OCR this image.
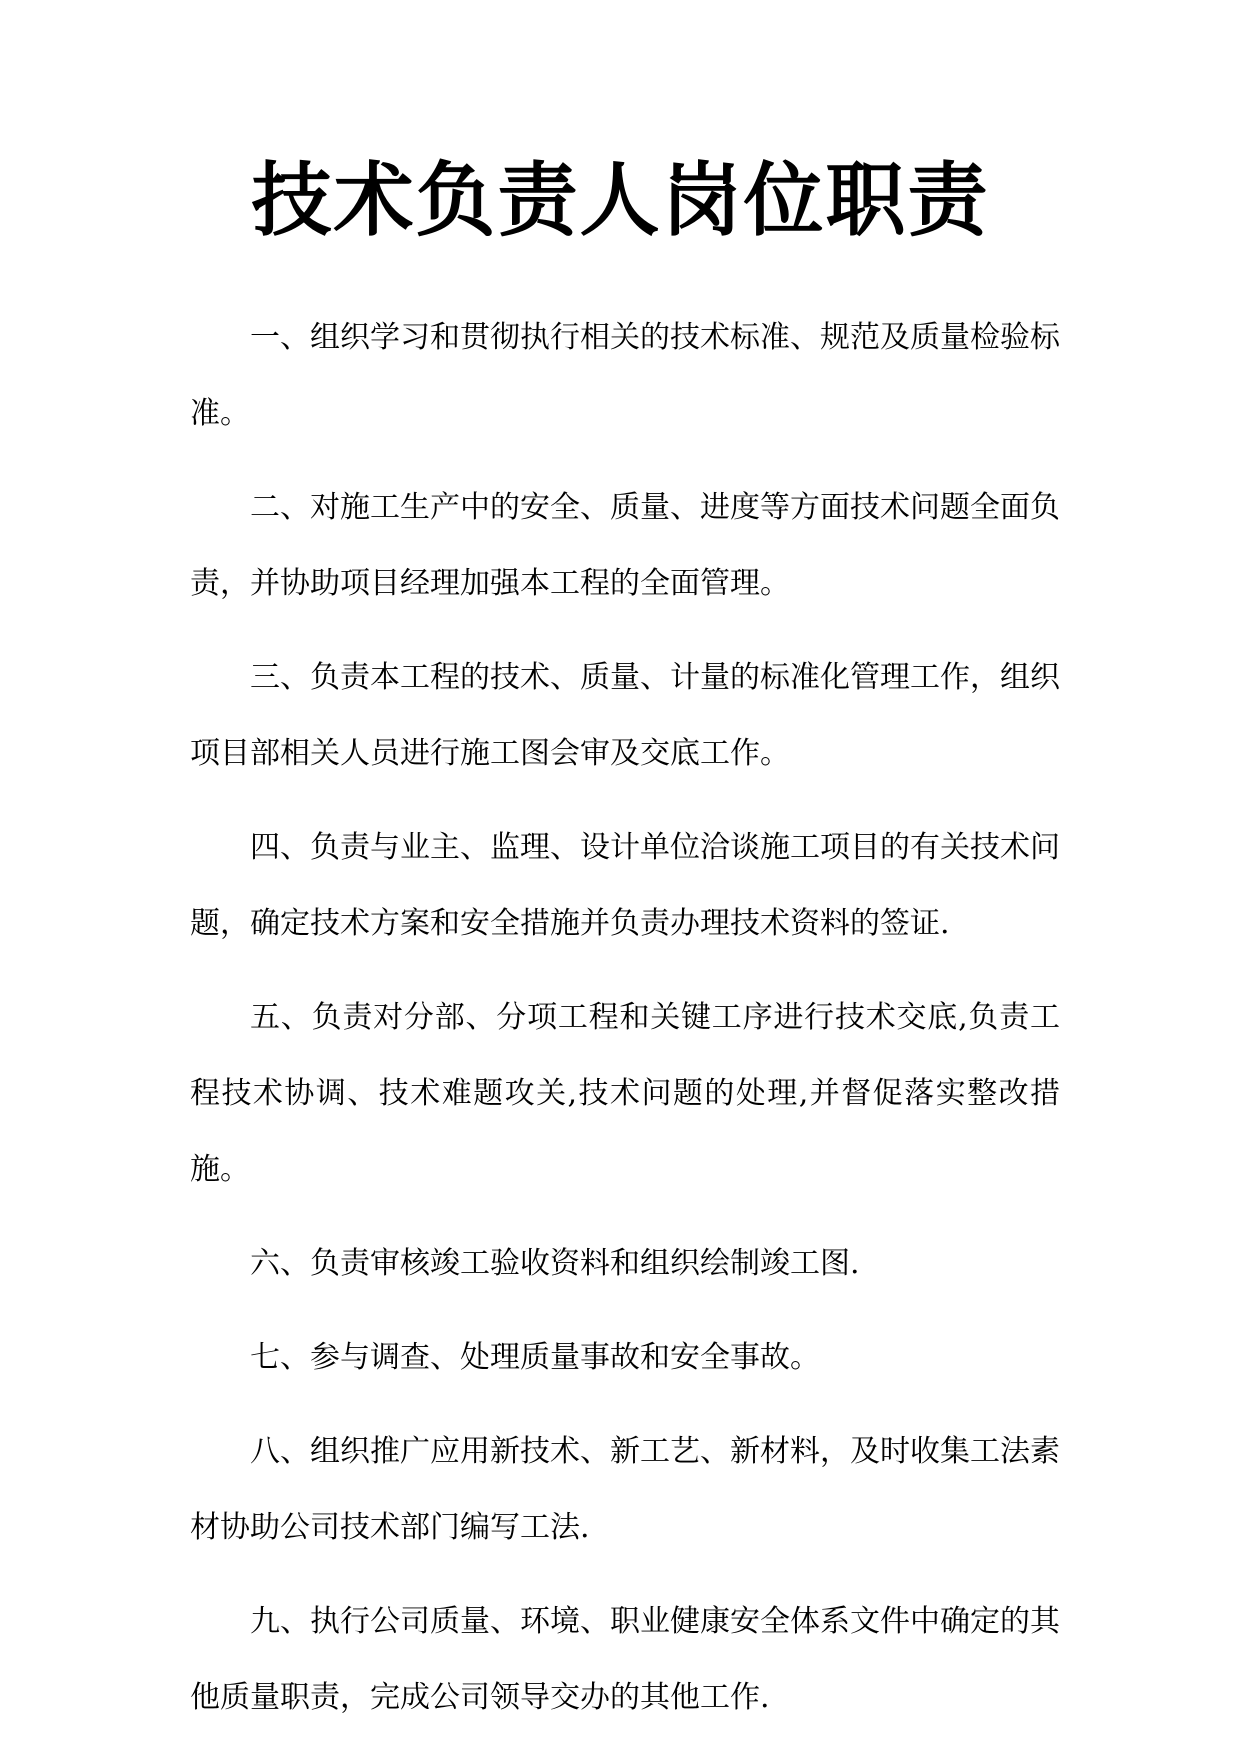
技术负责人岗位职责

一、组织学习和贯彻执行相关的技术标准、规范及质量检验标准。

二、对施工生产中的安全、质量、进度等方面技术问题全面负责，并协助项目经理加强本工程的全面管理。

三、负责本工程的技术、质量、计量的标准化管理工作，组织项目部相关人员进行施工图会审及交底工作。

四、负责与业主、监理、设计单位洽谈施工项目的有关技术问题，确定技术方案和安全措施并负责办理技术资料的签证.

五、负责对分部、分项工程和关键工序进行技术交底,负责工程技术协调、技术难题攻关,技术问题的处理,并督促落实整改措施。

六、负责审核竣工验收资料和组织绘制竣工图.

七、参与调查、处理质量事故和安全事故。

八、组织推广应用新技术、新工艺、新材料，及时收集工法素材协助公司技术部门编写工法.

九、执行公司质量、环境、职业健康安全体系文件中确定的其他质量职责，完成公司领导交办的其他工作.
